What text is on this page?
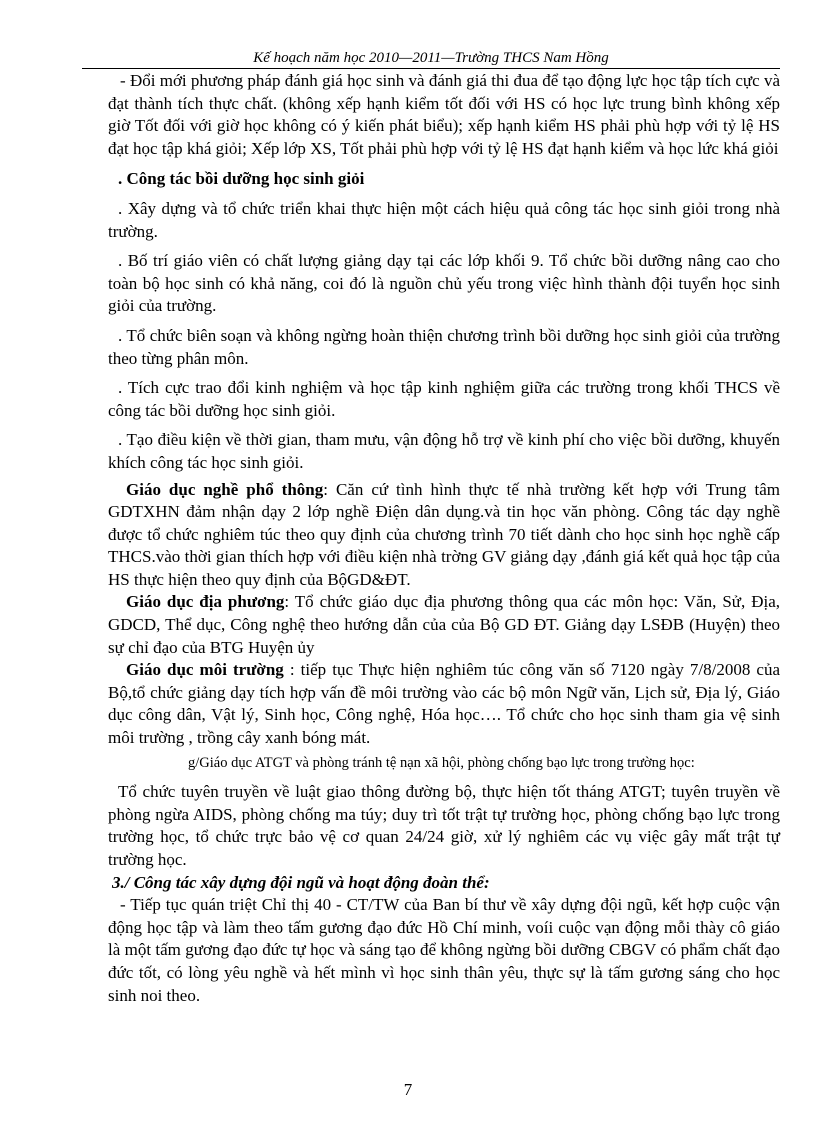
Kế hoạch năm học 2010—2011—Trường THCS Nam Hồng

- Đổi mới phương pháp đánh giá học sinh và đánh giá thi đua để tạo động lực học tập tích cực và đạt thành tích thực chất. (không xếp hạnh kiểm tốt đối với HS có học lực trung bình không xếp giờ Tốt đối với giờ học không có ý kiến phát biểu); xếp hạnh kiểm HS phải phù hợp với tỷ lệ HS đạt học tập khá giỏi; Xếp lớp XS, Tốt phải phù hợp với tỷ lệ HS đạt hạnh kiểm và học lức khá giỏi

. Công tác bồi dưỡng học sinh giỏi

. Xây dựng và tổ chức triển khai thực hiện một cách hiệu quả công tác học sinh giỏi trong nhà trường.

. Bố trí giáo viên có chất lượng giảng dạy tại các lớp khối 9. Tổ chức bồi dưỡng nâng cao cho toàn bộ học sinh có khả năng, coi đó là nguồn chủ yếu trong việc hình thành đội tuyển học sinh giỏi của trường.

. Tổ chức biên soạn và không ngừng hoàn thiện chương trình bồi dưỡng học sinh giỏi của trường theo từng phân môn.

. Tích cực trao đổi kinh nghiệm và học tập kinh nghiệm giữa các trường trong khối THCS về công tác bồi dưỡng học sinh giỏi.

. Tạo điều kiện về thời gian, tham mưu, vận động hỗ trợ về kinh phí cho việc bồi dưỡng, khuyến khích công tác học sinh giỏi.

Giáo dục nghề phổ thông: Căn cứ tình hình thực tế nhà trường kết hợp với Trung tâm GDTXHN đảm nhận dạy 2 lớp nghề Điện dân dụng.và tin học văn phòng. Công tác dạy nghề được tổ chức nghiêm túc theo quy định của chương trình 70 tiết dành cho học sinh học nghề cấp THCS.vào thời gian thích hợp với điều kiện nhà trờng GV giảng dạy ,đánh giá kết quả học tập của HS thực hiện theo quy định của BộGD&ĐT.

Giáo dục địa phương: Tổ chức giáo dục địa phương thông qua các môn học: Văn, Sử, Địa, GDCD, Thể dục, Công nghệ theo hướng dẫn của của Bộ GD ĐT. Giảng dạy LSĐB (Huyện) theo sự chỉ đạo của BTG Huyện ủy

Giáo dục môi trường : tiếp tục Thực hiện nghiêm túc công văn số 7120 ngày 7/8/2008 của Bộ,tổ chức giảng dạy tích hợp vấn đề môi trường vào các bộ môn Ngữ văn, Lịch sử, Địa lý, Giáo dục công dân, Vật lý, Sinh học, Công nghệ, Hóa học…. Tổ chức cho học sinh tham gia vệ sinh môi trường , trồng cây xanh bóng mát.

g/Giáo dục ATGT và phòng tránh tệ nạn xã hội, phòng chống bạo lực trong trường học:

Tổ chức tuyên truyền về luật giao thông đường bộ, thực hiện tốt tháng ATGT; tuyên truyền về phòng ngừa AIDS, phòng chống ma túy; duy trì tốt trật tự trường học, phòng chống bạo lực trong trường học, tổ chức trực bảo vệ cơ quan 24/24 giờ, xử lý nghiêm các vụ việc gây mất trật tự trường học.

3./ Công tác xây dựng đội ngũ và hoạt động đoàn thể:

- Tiếp tục quán triệt Chỉ thị 40 - CT/TW của Ban bí thư về xây dựng đội ngũ, kết hợp cuộc vận động học tập và làm theo tấm gương đạo đức Hồ Chí minh, voíi cuộc vạn động mỗi thày cô giáo là một tấm gương đạo đức tự học và sáng tạo để không ngừng bồi dưỡng CBGV có phẩm chất đạo đức tốt, có lòng yêu nghề và hết mình vì học sinh thân yêu, thực sự là tấm gương sáng cho học sinh noi theo.

7
